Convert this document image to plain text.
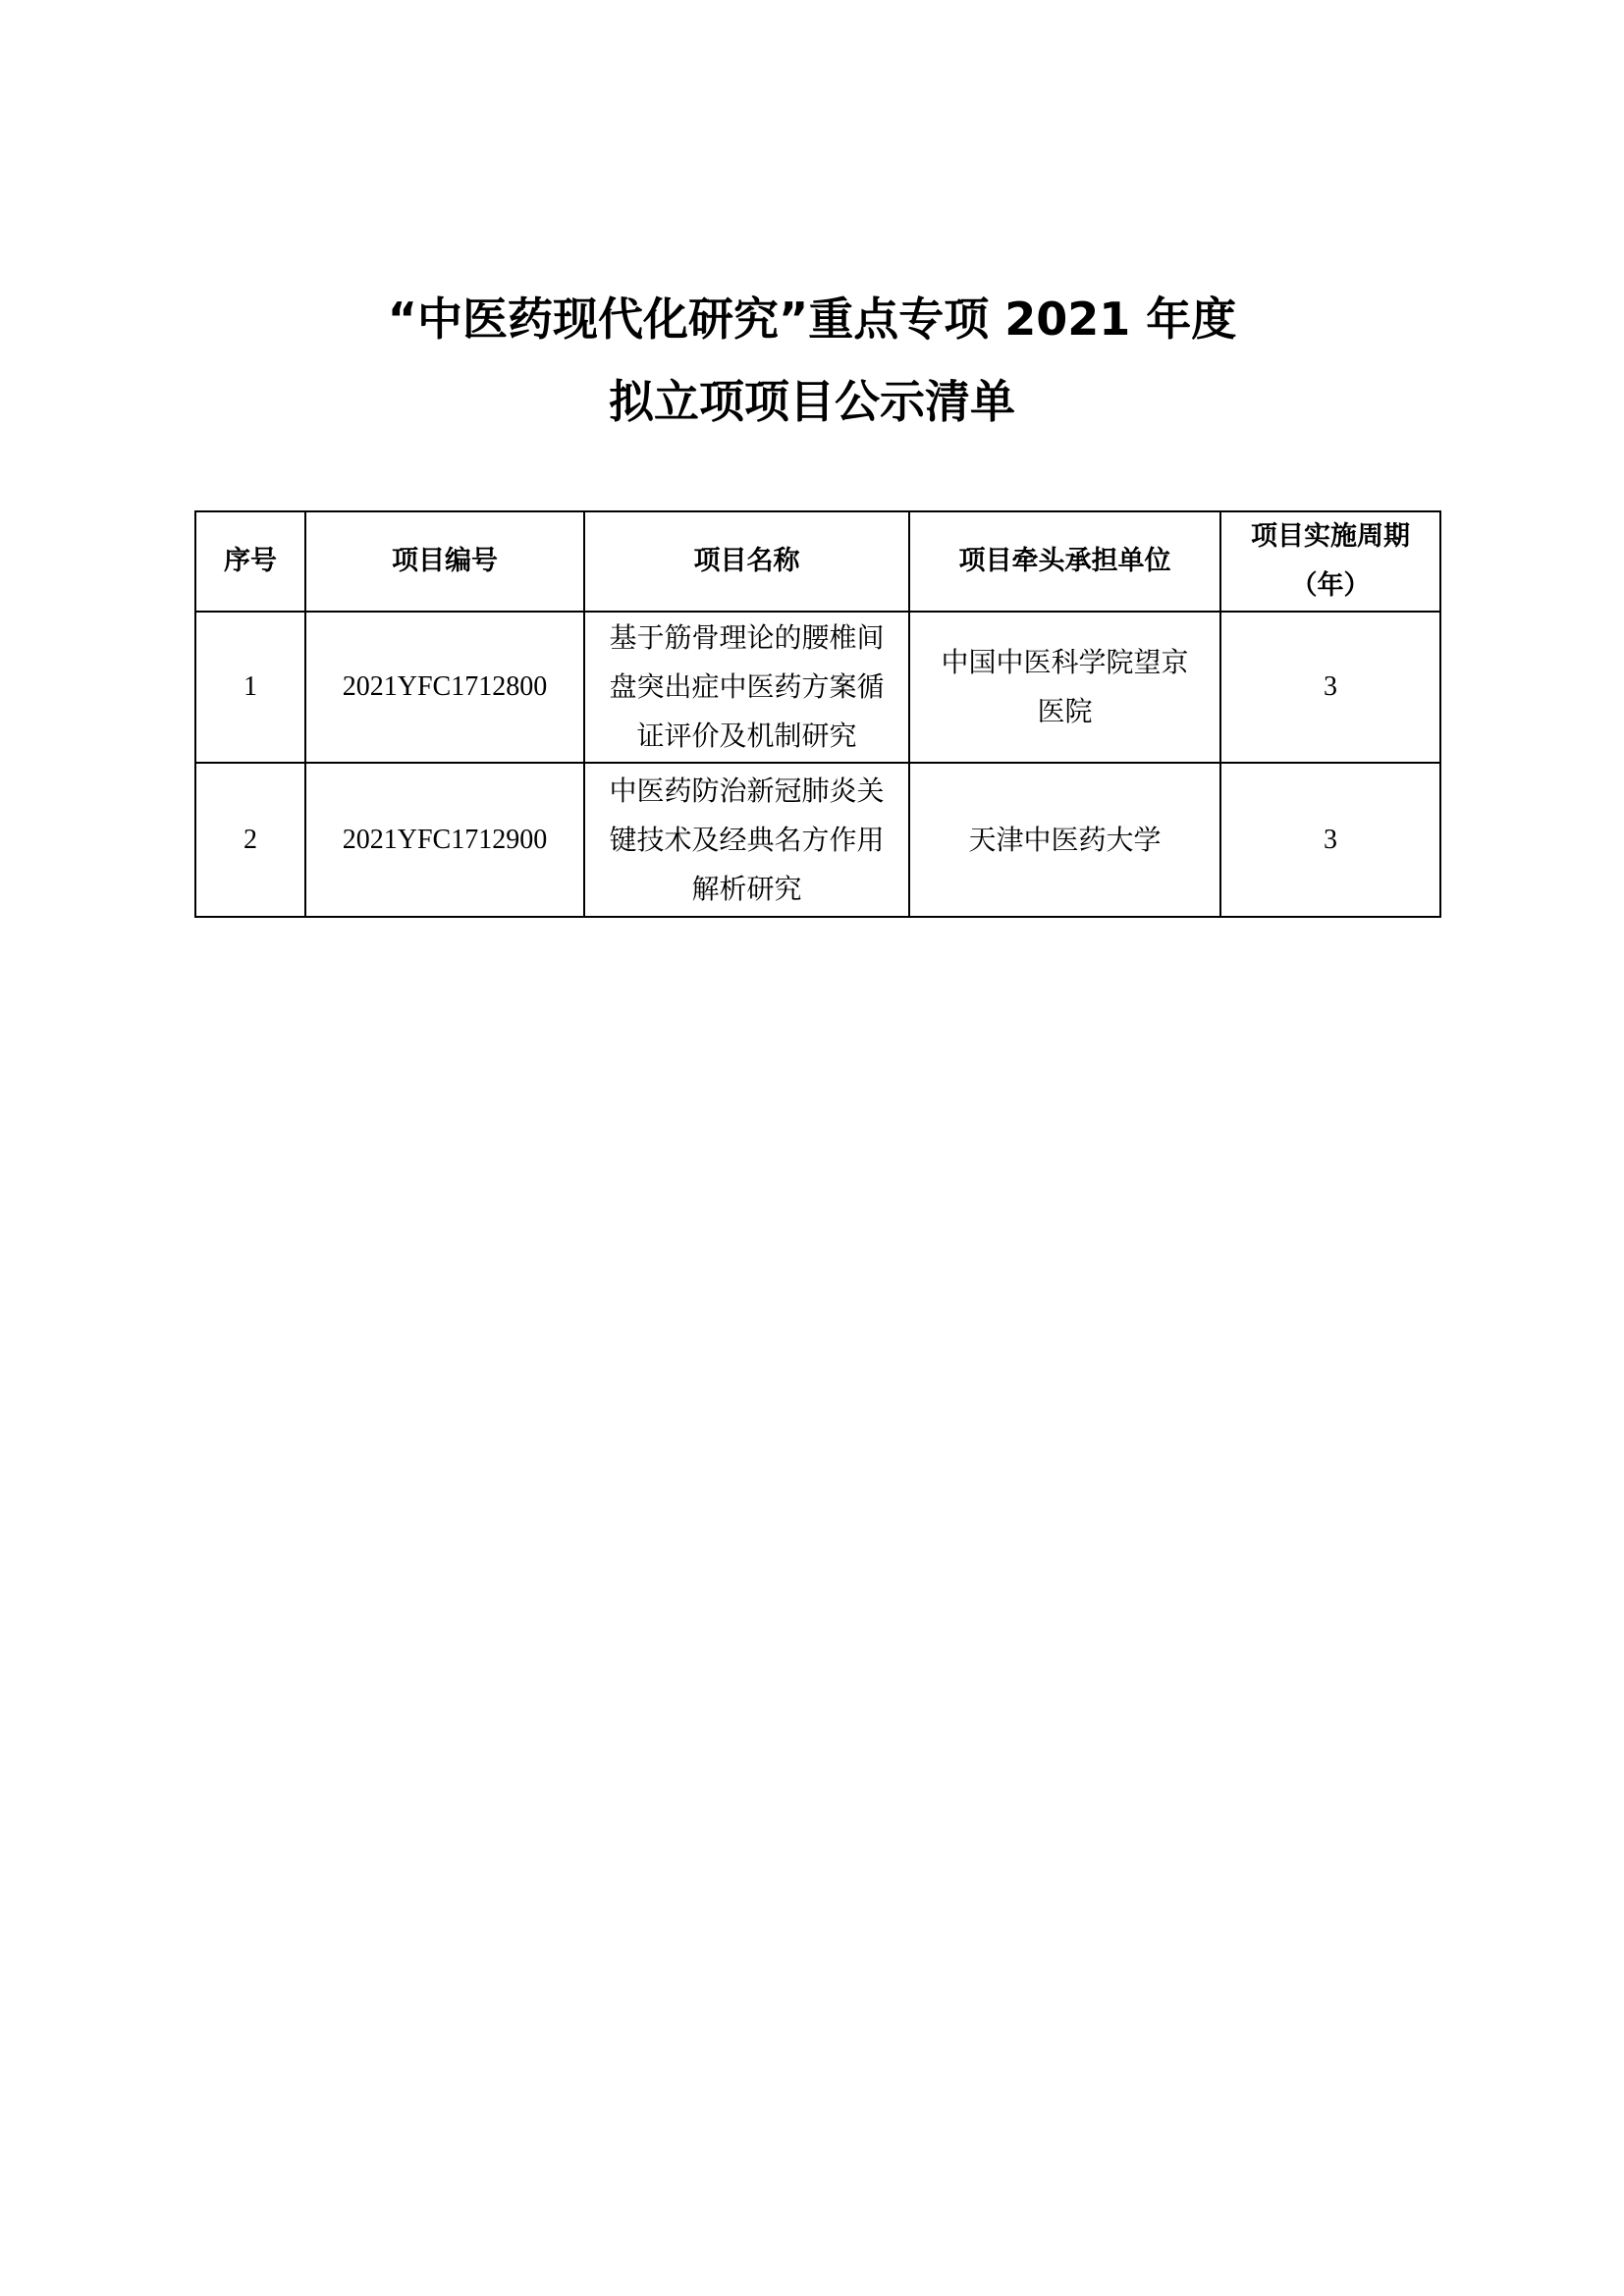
“中医药现代化研究”重点专项 2021 年度

拟立项项目公示清单

序号	项目编号	项目名称	项目牵头承担单位	项目实施周期（年）
1	2021YFC1712800	基于筋骨理论的腰椎间盘突出症中医药方案循证评价及机制研究	中国中医科学院望京医院	3
2	2021YFC1712900	中医药防治新冠肺炎关键技术及经典名方作用解析研究	天津中医药大学	3
